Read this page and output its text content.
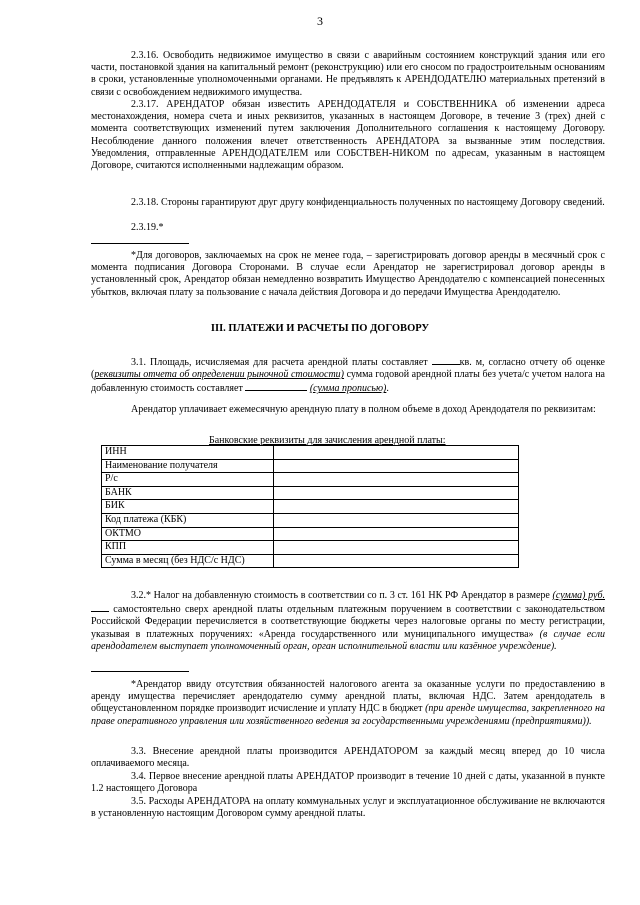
3
2.3.16. Освободить недвижимое имущество в связи с аварийным состоянием конструкций здания или его части, постановкой здания на капитальный ремонт (реконструкцию) или его сносом по градостроительным основаниям в сроки, установленные уполномоченными органами. Не предъявлять к АРЕНДОДАТЕЛЮ материальных претензий в связи с освобождением недвижимого имущества.
2.3.17. АРЕНДАТОР обязан известить АРЕНДОДАТЕЛЯ и СОБСТВЕННИКА об изменении адреса местонахождения, номера счета и иных реквизитов, указанных в настоящем Договоре, в течение 3 (трех) дней с момента соответствующих изменений путем заключения Дополнительного соглашения к настоящему Договору. Несоблюдение данного положения влечет ответственность АРЕНДАТОРА за вызванные этим последствия. Уведомления, отправленные АРЕНДОДАТЕЛЕМ или СОБСТВЕН-НИКОМ по адресам, указанным в настоящем Договоре, считаются исполненными надлежащим образом.
2.3.18. Стороны гарантируют друг другу конфиденциальность полученных по настоящему Договору сведений.
2.3.19.*
*Для договоров, заключаемых на срок не менее года, – зарегистрировать договор аренды в месячный срок с момента подписания Договора Сторонами. В случае если Арендатор не зарегистрировал договор аренды в установленный срок, Арендатор обязан немедленно возвратить Имущество Арендодателю с компенсацией понесенных убытков, включая плату за пользование с начала действия Договора и до передачи Имущества Арендодателю.
III. ПЛАТЕЖИ И РАСЧЕТЫ ПО ДОГОВОРУ
3.1. Площадь, исчисляемая для расчета арендной платы составляет	кв. м, согласно отчету об оценке (реквизиты отчета об определении рыночной стоимости) сумма годовой арендной платы без учета/с учетом налога на добавленную стоимость составляет	(сумма прописью).
Арендатор уплачивает ежемесячную арендную плату в полном объеме в доход Арендодателя по реквизитам:
Банковские реквизиты для зачисления арендной платы:
ИНН	
Наименование получателя	
Р/с	
БАНК	
БИК	
Код платежа (КБК)	
ОКТМО	
КПП	
Сумма в месяц (без НДС/с НДС)	
3.2.* Налог на добавленную стоимость в соответствии со п. 3 ст. 161 НК РФ Арендатор в размере (сумма) руб. самостоятельно сверх арендной платы отдельным платежным поручением в соответствии с законодательством Российской Федерации перечисляется в соответствующие бюджеты через налоговые органы по месту регистрации, указывая в платежных поручениях: «Арендa государственного или муниципального имущества» (в случае если арендодателем выступает уполномоченный орган, орган исполнительной власти или казённое учреждение).
*Арендатор ввиду отсутствия обязанностей налогового агента за оказанные услуги по предоставлению в аренду имущества перечисляет арендодателю сумму арендной платы, включая НДС. Затем арендодатель в общеустановленном порядке производит исчисление и уплату НДС в бюджет (при аренде имущества, закрепленного на праве оперативного управления или хозяйственного ведения за государственными учреждениями (предприятиями)).
3.3. Внесение арендной платы производится АРЕНДАТОРОМ за каждый месяц вперед до 10 числа оплачиваемого месяца.
3.4. Первое внесение арендной платы АРЕНДАТОР производит в течение 10 дней с даты, указанной в пункте 1.2 настоящего Договора
3.5. Расходы АРЕНДАТОРА на оплату коммунальных услуг и эксплуатационное обслуживание не включаются в установленную настоящим Договором сумму арендной платы.
